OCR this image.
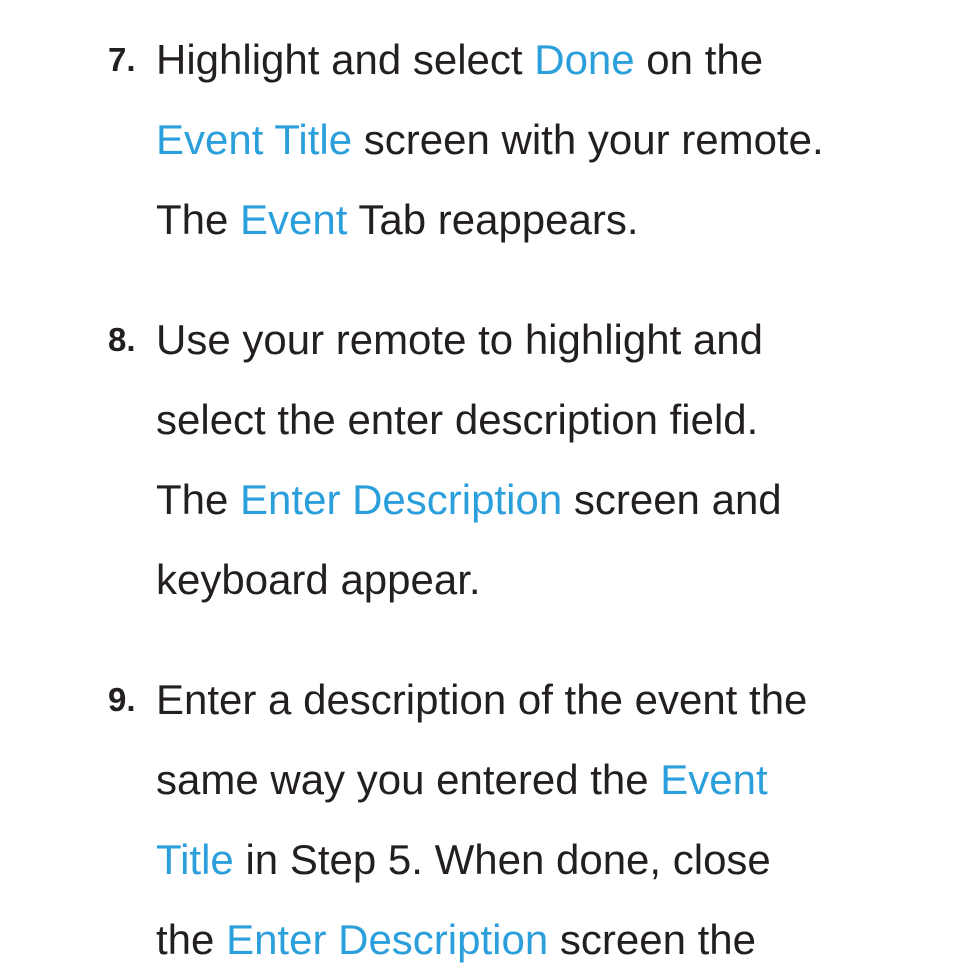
7. Highlight and select Done on the
Event Title screen with your remote.
The Event Tab reappears.
8. Use your remote to highlight and
select the enter description field.
The Enter Description screen and
keyboard appear.
9. Enter a description of the event the
same way you entered the Event
Title in Step 5. When done, close
the Enter Description screen the
